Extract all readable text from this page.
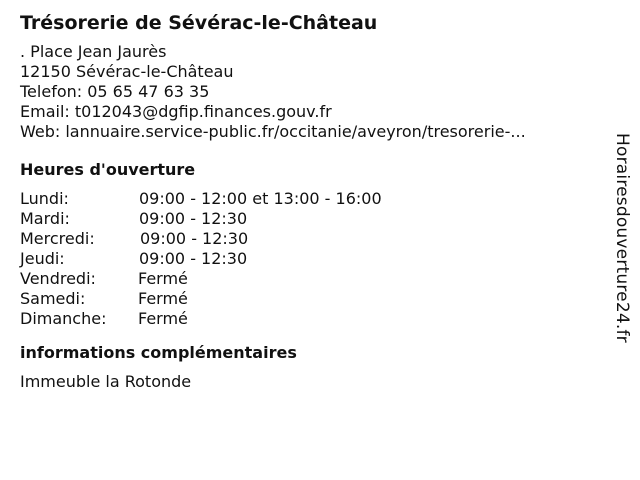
Trésorerie de Sévérac-le-Château
. Place Jean Jaurès
12150 Sévérac-le-Château
Telefon: 05 65 47 63 35
Email: t012043@dgfip.finances.gouv.fr
Web: lannuaire.service-public.fr/occitanie/aveyron/tresorerie-...
Heures d'ouverture
Lundi:	09:00 - 12:00 et 13:00 - 16:00
Mardi:	09:00 - 12:30
Mercredi:	09:00 - 12:30
Jeudi:	09:00 - 12:30
Vendredi:	Fermé
Samedi:	Fermé
Dimanche:	Fermé
informations complémentaires
Immeuble la Rotonde
Horairesdouverture24.fr
